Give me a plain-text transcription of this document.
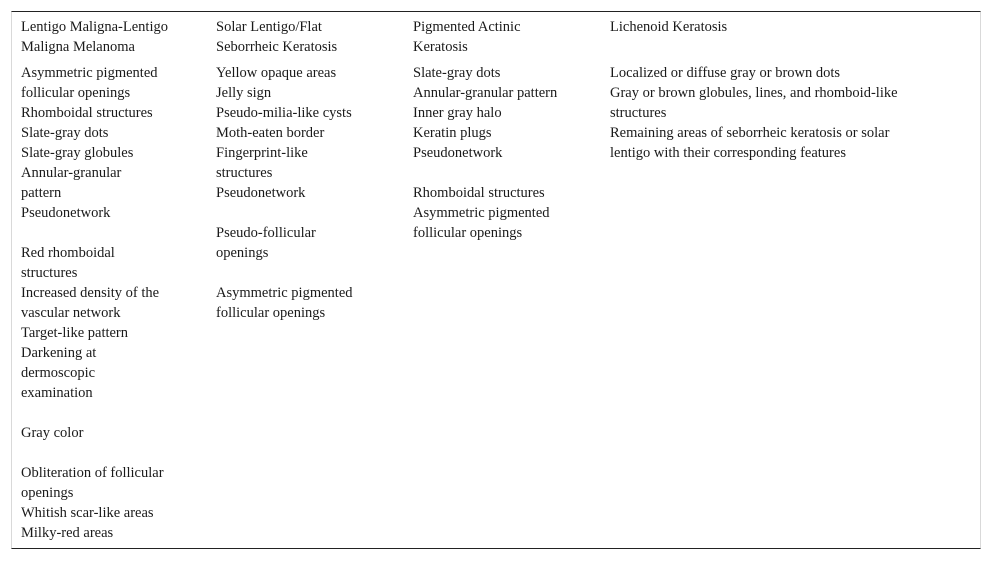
Lentigo Maligna-Lentigo
Maligna Melanoma
Asymmetric pigmented
follicular openings
Rhomboidal structures
Slate-gray dots
Slate-gray globules
Annular-granular
pattern
Pseudonetwork
Red rhomboidal
structures
Increased density of the
vascular network
Target-like pattern
Darkening at
dermoscopic
examination
Gray color
Obliteration of follicular
openings
Whitish scar-like areas
Milky-red areas
Solar Lentigo/Flat
Seborrheic Keratosis
Yellow opaque areas
Jelly sign
Pseudo-milia-like cysts
Moth-eaten border
Fingerprint-like
structures
Pseudonetwork
Pseudo-follicular
openings
Asymmetric pigmented
follicular openings
Pigmented Actinic
Keratosis
Slate-gray dots
Annular-granular pattern
Inner gray halo
Keratin plugs
Pseudonetwork
Rhomboidal structures
Asymmetric pigmented
follicular openings
Lichenoid Keratosis
Localized or diffuse gray or brown dots
Gray or brown globules, lines, and rhomboid-like
structures
Remaining areas of seborrheic keratosis or solar
lentigo with their corresponding features
